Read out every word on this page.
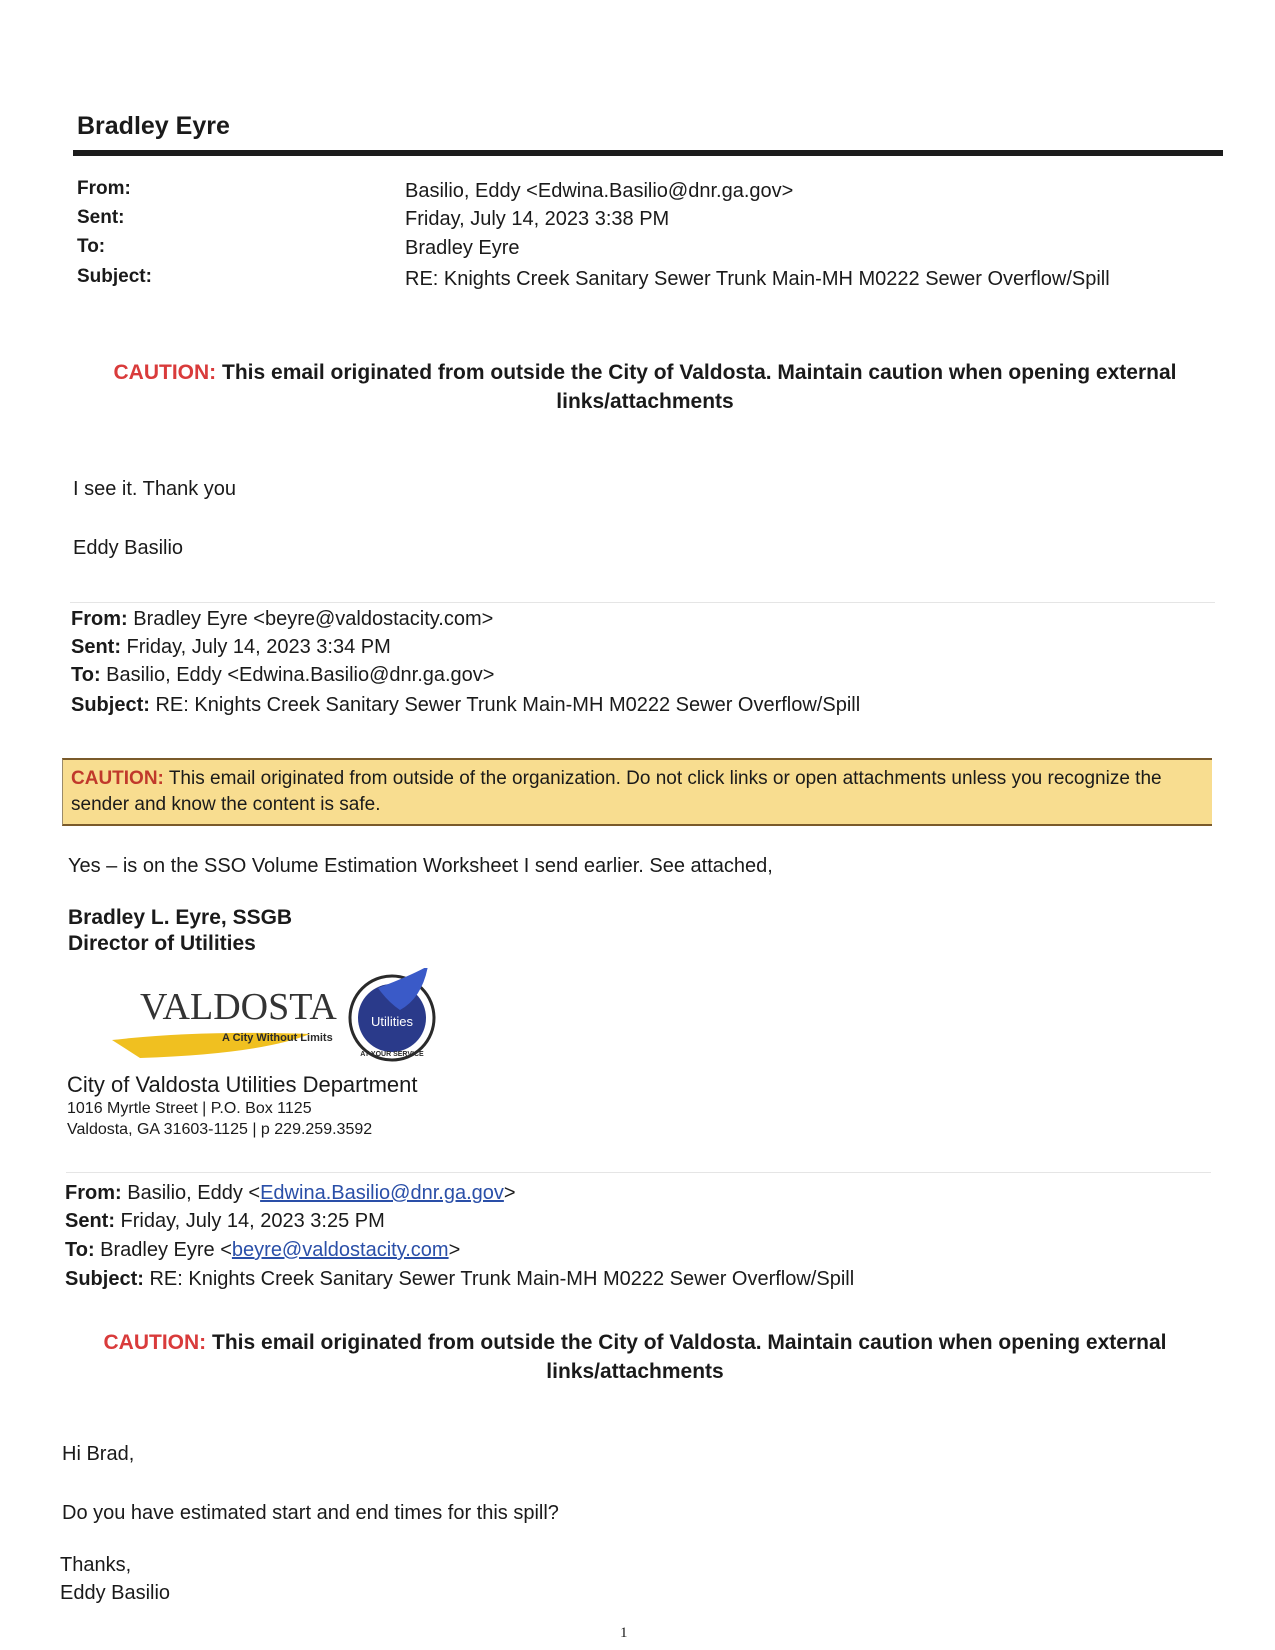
Bradley Eyre
From:	Basilio, Eddy <Edwina.Basilio@dnr.ga.gov>
Sent:	Friday, July 14, 2023 3:38 PM
To:	Bradley Eyre
Subject:	RE: Knights Creek Sanitary Sewer Trunk Main-MH M0222 Sewer Overflow/Spill
CAUTION: This email originated from outside the City of Valdosta. Maintain caution when opening external
links/attachments
I see it. Thank you
Eddy Basilio
From: Bradley Eyre <beyre@valdostacity.com>
Sent: Friday, July 14, 2023 3:34 PM
To: Basilio, Eddy <Edwina.Basilio@dnr.ga.gov>
Subject: RE: Knights Creek Sanitary Sewer Trunk Main-MH M0222 Sewer Overflow/Spill
CAUTION: This email originated from outside of the organization. Do not click links or open attachments unless you recognize the sender and know the content is safe.
Yes – is on the SSO Volume Estimation Worksheet I send earlier. See attached,
Bradley L. Eyre, SSGB
Director of Utilities
VALDOSTA
A City Without Limits
Utilities
AT YOUR SERVICE
City of Valdosta Utilities Department
1016 Myrtle Street | P.O. Box 1125
Valdosta, GA 31603-1125 | p 229.259.3592
From: Basilio, Eddy <Edwina.Basilio@dnr.ga.gov>
Sent: Friday, July 14, 2023 3:25 PM
To: Bradley Eyre <beyre@valdostacity.com>
Subject: RE: Knights Creek Sanitary Sewer Trunk Main-MH M0222 Sewer Overflow/Spill
CAUTION: This email originated from outside the City of Valdosta. Maintain caution when opening external
links/attachments
Hi Brad,
Do you have estimated start and end times for this spill?
Thanks,
Eddy Basilio
1
